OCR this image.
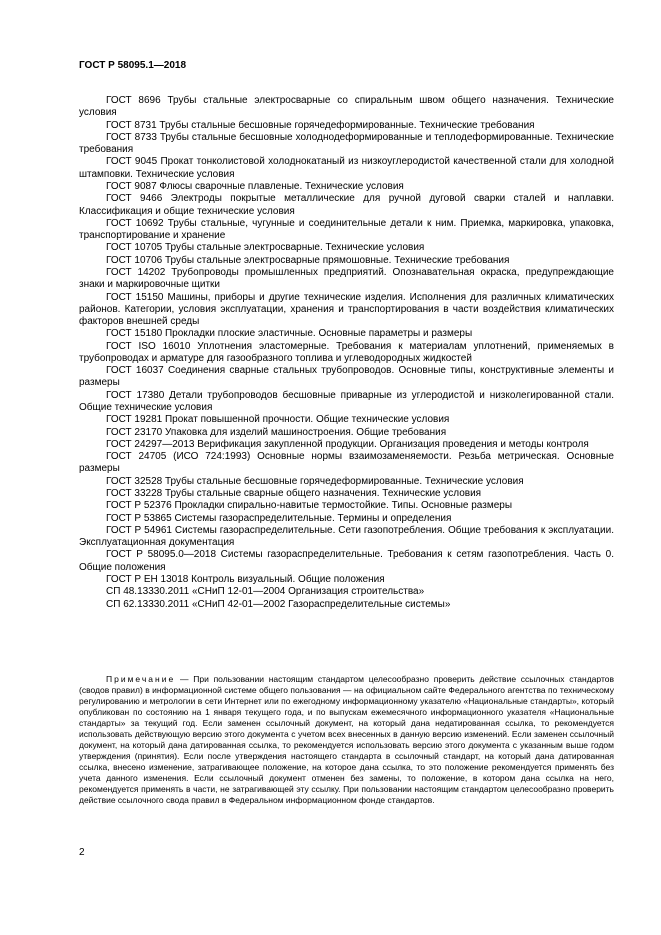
ГОСТ Р 58095.1—2018

ГОСТ 8696 Трубы стальные электросварные со спиральным швом общего назначения. Технические условия

ГОСТ 8731 Трубы стальные бесшовные горячедеформированные. Технические требования

ГОСТ 8733 Трубы стальные бесшовные холоднодеформированные и теплодеформированные. Технические требования

ГОСТ 9045 Прокат тонколистовой холоднокатаный из низкоуглеродистой качественной стали для холодной штамповки. Технические условия

ГОСТ 9087 Флюсы сварочные плавленые. Технические условия

ГОСТ 9466 Электроды покрытые металлические для ручной дуговой сварки сталей и наплавки. Классификация и общие технические условия

ГОСТ 10692 Трубы стальные, чугунные и соединительные детали к ним. Приемка, маркировка, упаковка, транспортирование и хранение

ГОСТ 10705 Трубы стальные электросварные. Технические условия

ГОСТ 10706 Трубы стальные электросварные прямошовные. Технические требования

ГОСТ 14202 Трубопроводы промышленных предприятий. Опознавательная окраска, предупреждающие знаки и маркировочные щитки

ГОСТ 15150 Машины, приборы и другие технические изделия. Исполнения для различных климатических районов. Категории, условия эксплуатации, хранения и транспортирования в части воздействия климатических факторов внешней среды

ГОСТ 15180 Прокладки плоские эластичные. Основные параметры и размеры

ГОСТ ISO 16010 Уплотнения эластомерные. Требования к материалам уплотнений, применяемых в трубопроводах и арматуре для газообразного топлива и углеводородных жидкостей

ГОСТ 16037 Соединения сварные стальных трубопроводов. Основные типы, конструктивные элементы и размеры

ГОСТ 17380 Детали трубопроводов бесшовные приварные из углеродистой и низколегированной стали. Общие технические условия

ГОСТ 19281 Прокат повышенной прочности. Общие технические условия

ГОСТ 23170 Упаковка для изделий машиностроения. Общие требования

ГОСТ 24297—2013 Верификация закупленной продукции. Организация проведения и методы контроля

ГОСТ 24705 (ИСО 724:1993) Основные нормы взаимозаменяемости. Резьба метрическая. Основные размеры

ГОСТ 32528 Трубы стальные бесшовные горячедеформированные. Технические условия

ГОСТ 33228 Трубы стальные сварные общего назначения. Технические условия

ГОСТ Р 52376 Прокладки спирально-навитые термостойкие. Типы. Основные размеры

ГОСТ Р 53865 Системы газораспределительные. Термины и определения

ГОСТ Р 54961 Системы газораспределительные. Сети газопотребления. Общие требования к эксплуатации. Эксплуатационная документация

ГОСТ Р 58095.0—2018 Системы газораспределительные. Требования к сетям газопотребления. Часть 0. Общие положения

ГОСТ Р ЕН 13018 Контроль визуальный. Общие положения

СП 48.13330.2011 «СНиП 12-01—2004 Организация строительства»

СП 62.13330.2011 «СНиП 42-01—2002 Газораспределительные системы»

Примечание — При пользовании настоящим стандартом целесообразно проверить действие ссылочных стандартов (сводов правил) в информационной системе общего пользования — на официальном сайте Федерального агентства по техническому регулированию и метрологии в сети Интернет или по ежегодному информационному указателю «Национальные стандарты», который опубликован по состоянию на 1 января текущего года, и по выпускам ежемесячного информационного указателя «Национальные стандарты» за текущий год. Если заменен ссылочный документ, на который дана недатированная ссылка, то рекомендуется использовать действующую версию этого документа с учетом всех внесенных в данную версию изменений. Если заменен ссылочный документ, на который дана датированная ссылка, то рекомендуется использовать версию этого документа с указанным выше годом утверждения (принятия). Если после утверждения настоящего стандарта в ссылочный стандарт, на который дана датированная ссылка, внесено изменение, затрагивающее положение, на которое дана ссылка, то это положение рекомендуется применять без учета данного изменения. Если ссылочный документ отменен без замены, то положение, в котором дана ссылка на него, рекомендуется применять в части, не затрагивающей эту ссылку. При пользовании настоящим стандартом целесообразно проверить действие ссылочного свода правил в Федеральном информационном фонде стандартов.
2
